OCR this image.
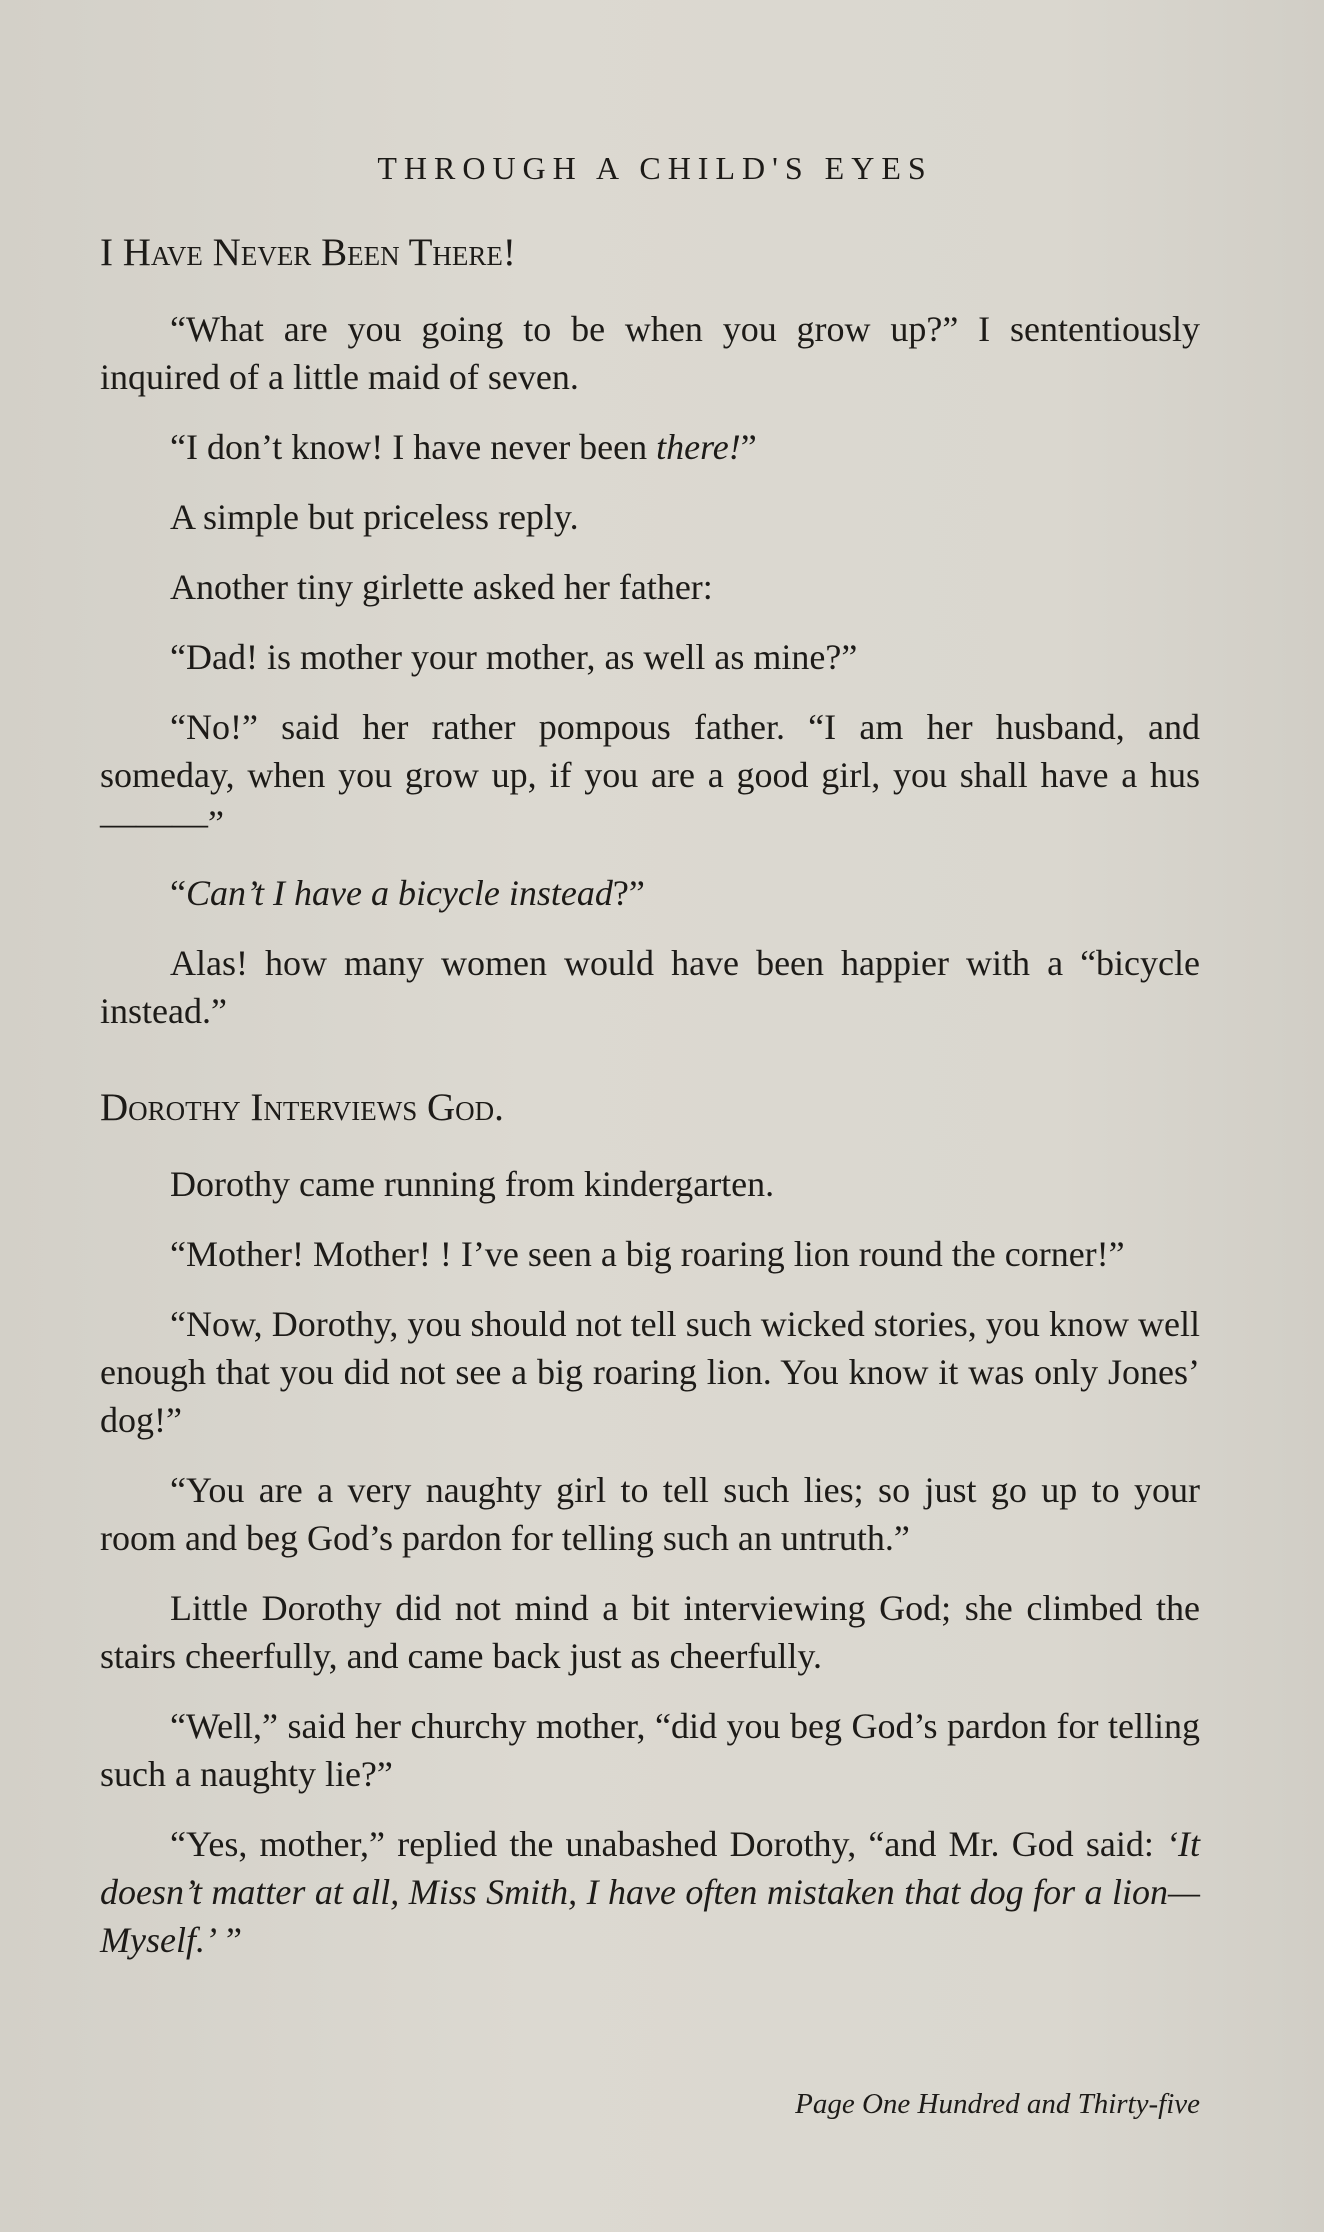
THROUGH A CHILD'S EYES
I Have Never Been There!

“What are you going to be when you grow up?” I sententiously inquired of a little maid of seven.

“I don’t know! I have never been there!”

A simple but priceless reply.

Another tiny girlette asked her father:

“Dad! is mother your mother, as well as mine?”

“No!” said her rather pompous father. “I am her husband, and someday, when you grow up, if you are a good girl, you shall have a hus———”

“Can’t I have a bicycle instead?”

Alas! how many women would have been happier with a “bicycle instead.”

Dorothy Interviews God.

Dorothy came running from kindergarten.

“Mother! Mother! ! I’ve seen a big roaring lion round the corner!”

“Now, Dorothy, you should not tell such wicked stories, you know well enough that you did not see a big roaring lion. You know it was only Jones’ dog!”

“You are a very naughty girl to tell such lies; so just go up to your room and beg God’s pardon for telling such an untruth.”

Little Dorothy did not mind a bit interviewing God; she climbed the stairs cheerfully, and came back just as cheerfully.

“Well,” said her churchy mother, “did you beg God’s pardon for telling such a naughty lie?”

“Yes, mother,” replied the unabashed Dorothy, “and Mr. God said: ‘It doesn’t matter at all, Miss Smith, I have often mistaken that dog for a lion—Myself.’ ”

Page One Hundred and Thirty-five
